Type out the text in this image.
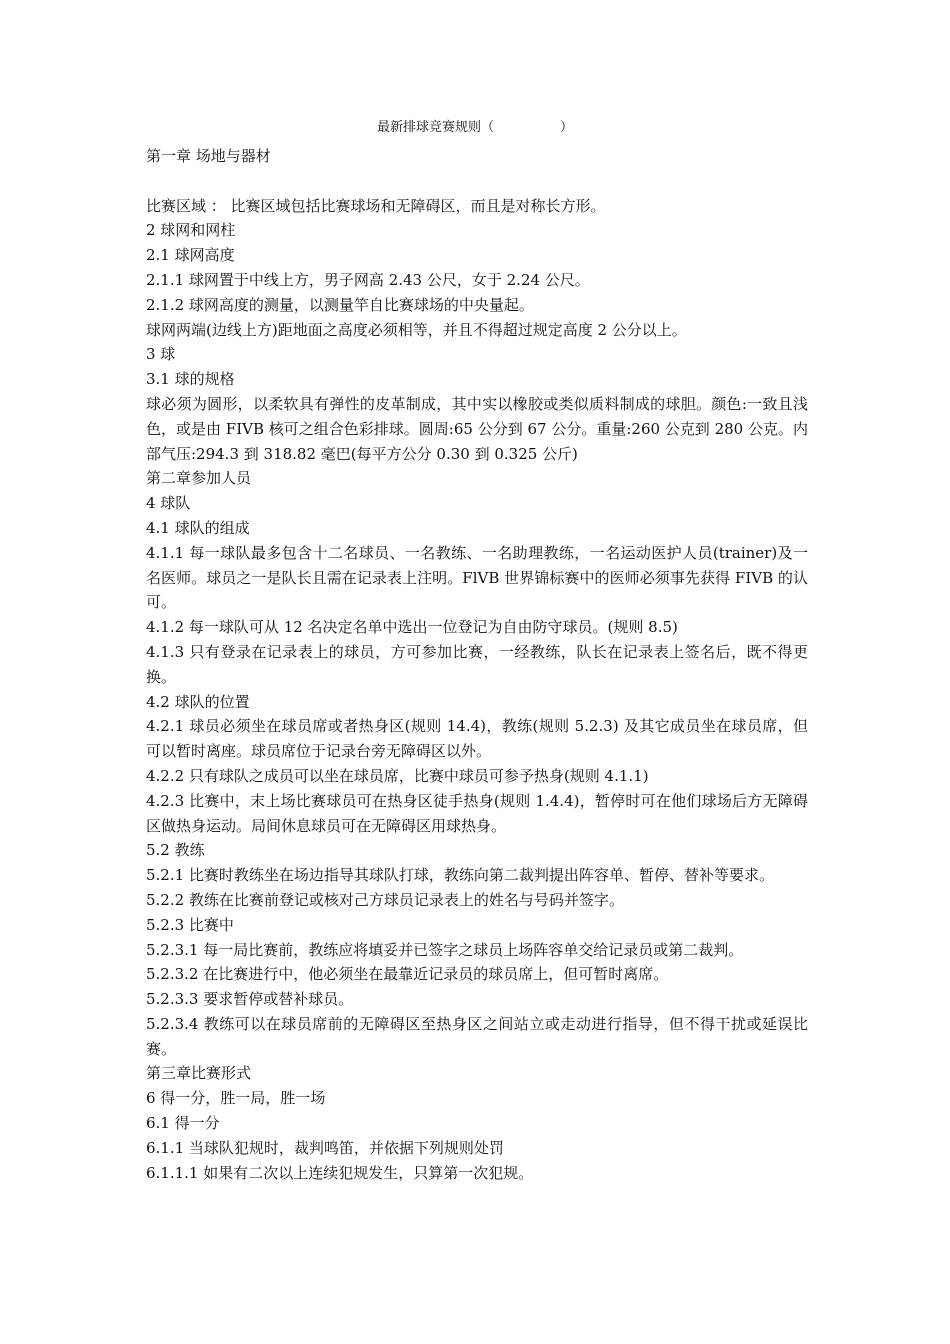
最新排球竞赛规则（                ）

第一章 场地与器材

比赛区域 ： 比赛区域包括比赛球场和无障碍区，而且是对称长方形。

2 球网和网柱

2.1 球网高度

2.1.1 球网置于中线上方，男子网高 2.43 公尺，女于 2.24 公尺。

2.1.2 球网高度的测量，以测量竿自比赛球场的中央量起。

球网两端(边线上方)距地面之高度必须相等，并且不得超过规定高度 2 公分以上。

3 球

3.1 球的规格

球必须为圆形，以柔软具有弹性的皮革制成，其中实以橡胶或类似质料制成的球胆。颜色:一致且浅色，或是由 FIVB 核可之组合色彩排球。圆周:65 公分到 67 公分。重量:260 公克到 280 公克。内部气压:294.3 到 318.82 毫巴(每平方公分 0.30 到 0.325 公斤)

第二章参加人员

4 球队

4.1 球队的组成

4.1.1 每一球队最多包含十二名球员、一名教练、一名助理教练，一名运动医护人员(trainer)及一名医师。球员之一是队长且需在记录表上注明。FlVB 世界锦标赛中的医师必须事先获得 FIVB 的认可。

4.1.2 每一球队可从 12 名决定名单中选出一位登记为自由防守球员。(规则 8.5)

4.1.3 只有登录在记录表上的球员，方可参加比赛，一经教练，队长在记录表上签名后，既不得更换。

4.2 球队的位置

4.2.1 球员必须坐在球员席或者热身区(规则 14.4)，教练(规则 5.2.3) 及其它成员坐在球员席，但可以暂时离座。球员席位于记录台旁无障碍区以外。

4.2.2 只有球队之成员可以坐在球员席，比赛中球员可参予热身(规则 4.1.1)

4.2.3 比赛中，末上场比赛球员可在热身区徒手热身(规则 1.4.4)，暂停时可在他们球场后方无障碍区做热身运动。局间休息球员可在无障碍区用球热身。

5.2 教练

5.2.1 比赛时教练坐在场边指导其球队打球，教练向第二裁判提出阵容单、暂停、替补等要求。

5.2.2 教练在比赛前登记或核对己方球员记录表上的姓名与号码并签字。

5.2.3 比赛中

5.2.3.1 每一局比赛前，教练应将填妥并已签字之球员上场阵容单交给记录员或第二裁判。

5.2.3.2 在比赛进行中，他必须坐在最靠近记录员的球员席上，但可暂时离席。

5.2.3.3 要求暂停或替补球员。

5.2.3.4 教练可以在球员席前的无障碍区至热身区之间站立或走动进行指导，但不得干扰或延误比赛。

第三章比赛形式

6 得一分，胜一局，胜一场

6.1 得一分

6.1.1 当球队犯规时，裁判鸣笛，并依据下列规则处罚

6.1.1.1 如果有二次以上连续犯规发生，只算第一次犯规。
